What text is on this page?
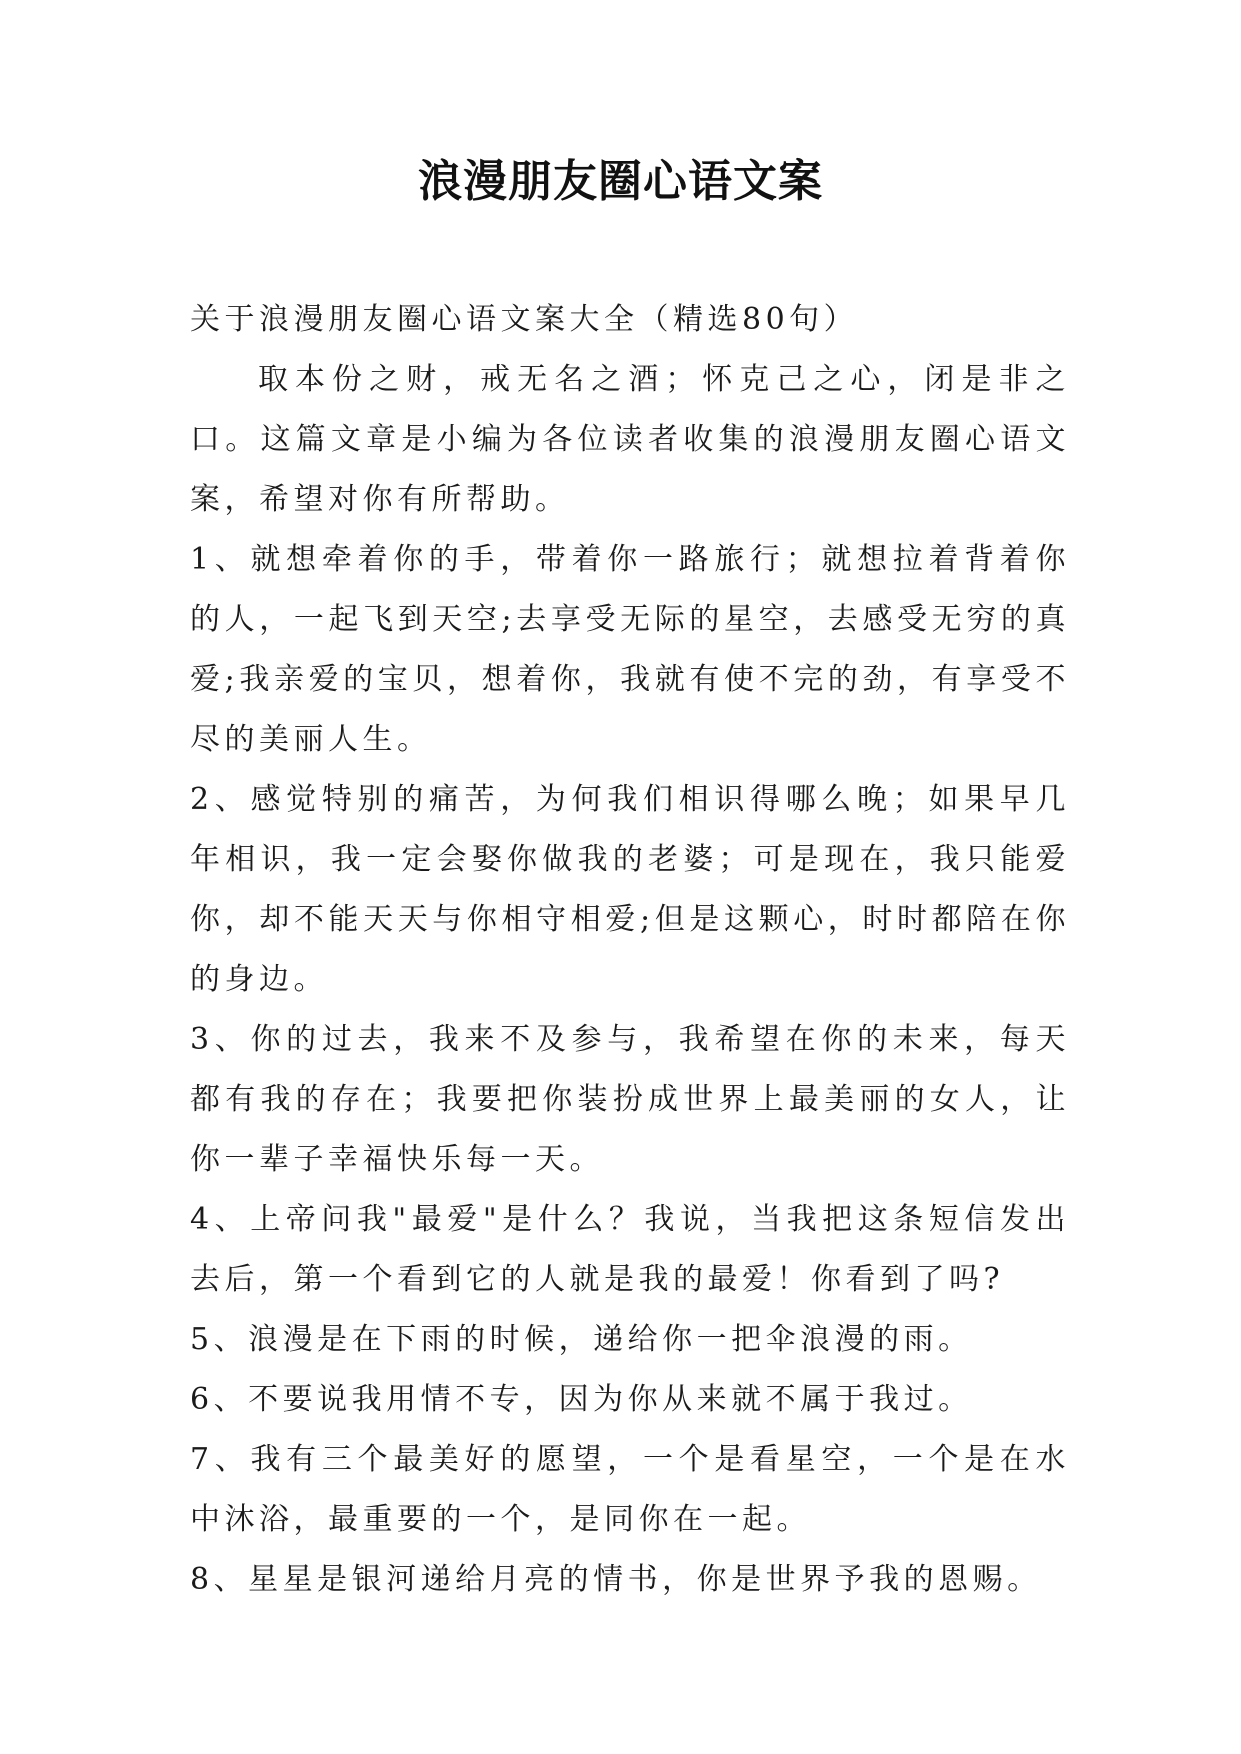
浪漫朋友圈心语文案

关于浪漫朋友圈心语文案大全（精选80句）

取本份之财，戒无名之酒；怀克己之心，闭是非之口。这篇文章是小编为各位读者收集的浪漫朋友圈心语文案，希望对你有所帮助。

1、就想牵着你的手，带着你一路旅行；就想拉着背着你的人，一起飞到天空;去享受无际的星空，去感受无穷的真爱;我亲爱的宝贝，想着你，我就有使不完的劲，有享受不尽的美丽人生。

2、感觉特别的痛苦，为何我们相识得哪么晚；如果早几年相识，我一定会娶你做我的老婆；可是现在，我只能爱你，却不能天天与你相守相爱;但是这颗心，时时都陪在你的身边。

3、你的过去，我来不及参与，我希望在你的未来，每天都有我的存在；我要把你装扮成世界上最美丽的女人，让你一辈子幸福快乐每一天。

4、上帝问我"最爱"是什么？我说，当我把这条短信发出去后，第一个看到它的人就是我的最爱！你看到了吗?

5、浪漫是在下雨的时候，递给你一把伞浪漫的雨。

6、不要说我用情不专，因为你从来就不属于我过。

7、我有三个最美好的愿望，一个是看星空，一个是在水中沐浴，最重要的一个，是同你在一起。

8、星星是银河递给月亮的情书，你是世界予我的恩赐。
